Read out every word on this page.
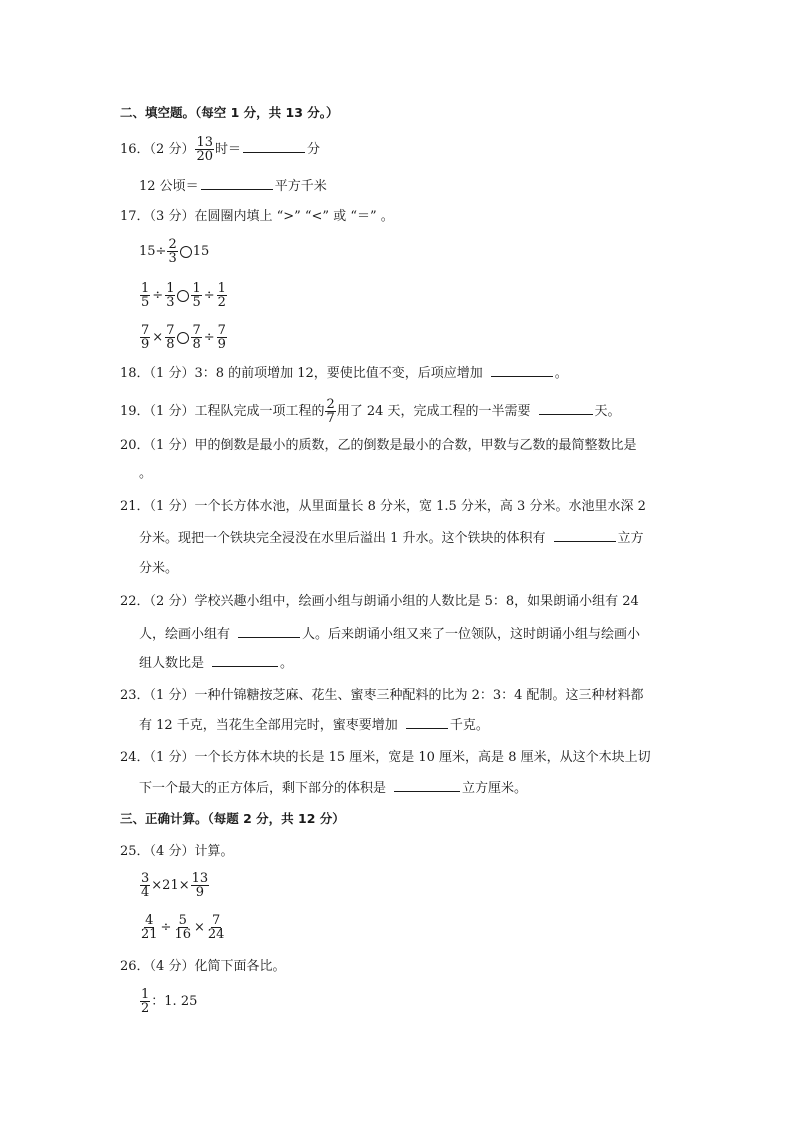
二、填空题。（每空 1 分，共 13 分。）
16．（2 分） $\frac{13}{20}$ 时＝	分
12 公顷＝	平方千米
17．（3 分）在圆圈内填上 “>” “<” 或 “＝” 。
$15\div \frac{2}{3} 15$
$\frac{1}{5} \div \frac{1}{3} \frac{1}{5} \div \frac{1}{2}$
$\frac{7}{9} \times \frac{7}{8} \frac{7}{8} \div \frac{7}{9}$
18．（1 分）3：8 的前项增加 12，要使比值不变，后项应增加	。
19．（1 分）工程队完成一项工程的 $\frac{2}{7}$ 用了 24 天，完成工程的一半需要	天。
20．（1 分）甲的倒数是最小的质数，乙的倒数是最小的合数，甲数与乙数的最简整数比是
。
21．（1 分）一个长方体水池，从里面量长 8 分米，宽 1.5 分米，高 3 分米。水池里水深 2
分米。现把一个铁块完全浸没在水里后溢出 1 升水。这个铁块的体积有	立方
分米。
22．（2 分）学校兴趣小组中，绘画小组与朗诵小组的人数比是 5：8，如果朗诵小组有 24
人，绘画小组有	人。后来朗诵小组又来了一位领队，这时朗诵小组与绘画小
组人数比是	。
23．（1 分）一种什锦糖按芝麻、花生、蜜枣三种配料的比为 2：3：4 配制。这三种材料都
有 12 千克，当花生全部用完时，蜜枣要增加	千克。
24．（1 分）一个长方体木块的长是 15 厘米，宽是 10 厘米，高是 8 厘米，从这个木块上切
下一个最大的正方体后，剩下部分的体积是	立方厘米。
三、正确计算。（每题 2 分，共 12 分）
25．（4 分）计算。
$\frac{3}{4} \times 21\times \frac{13}{9}$
$\frac{4}{21} \div \frac{5}{16} \times \frac{7}{24}$
26．（4 分）化简下面各比。
$\frac{1}{2}$ ：1. 25
